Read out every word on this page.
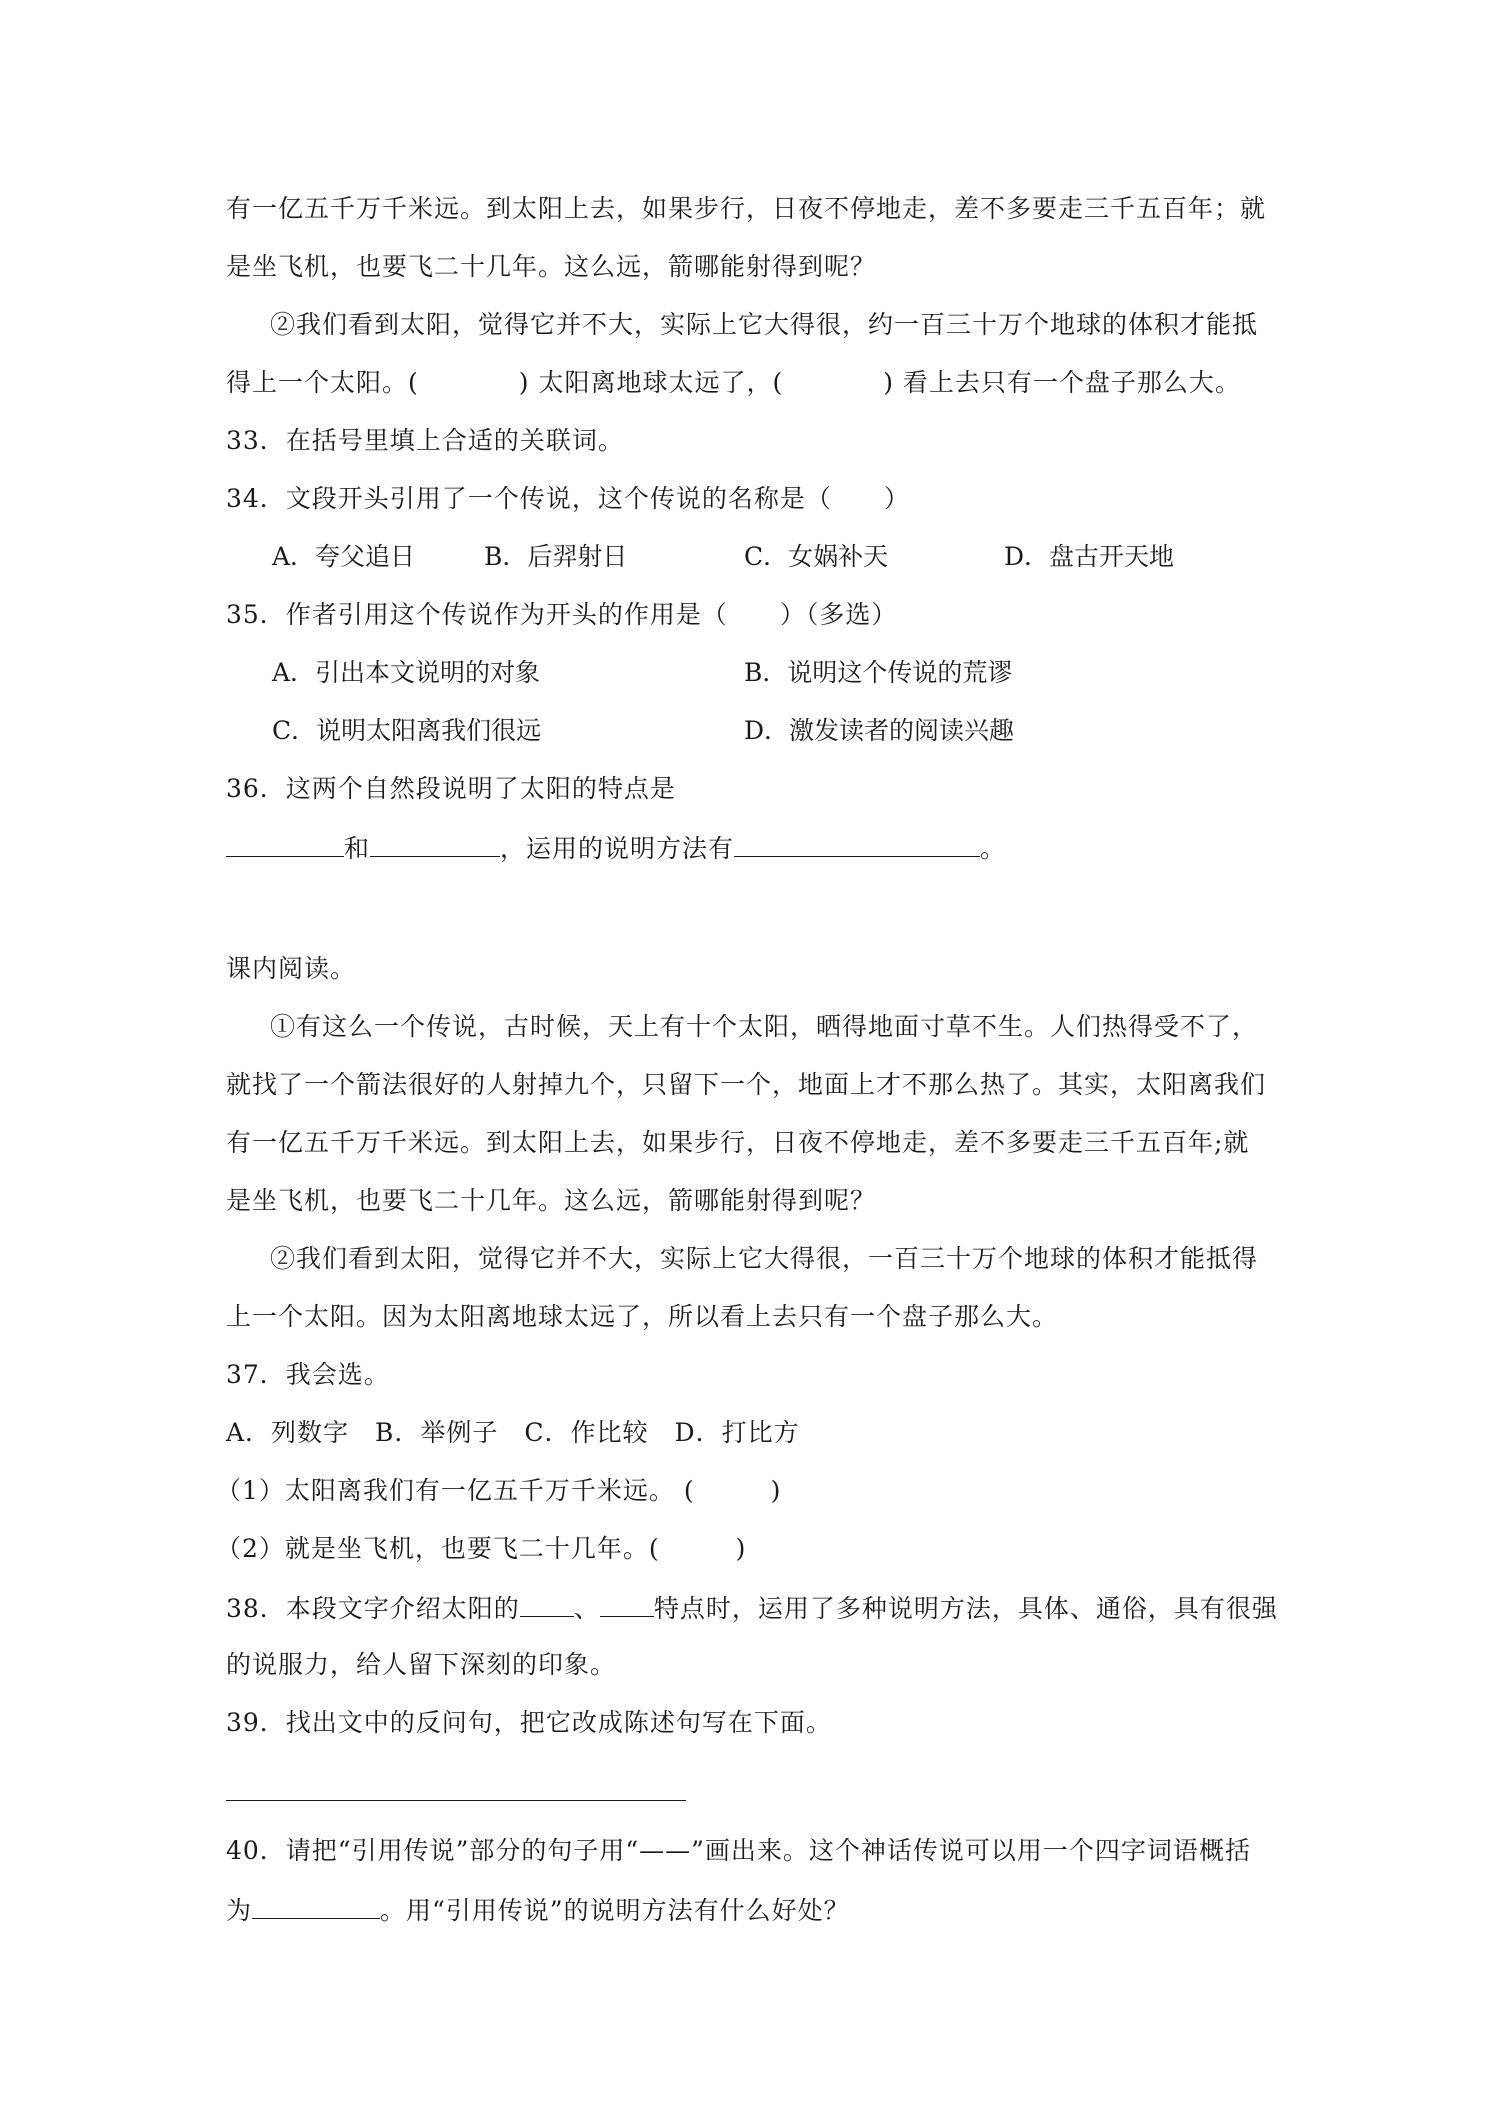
有一亿五千万千米远。到太阳上去，如果步行，日夜不停地走，差不多要走三千五百年；就
是坐飞机，也要飞二十几年。这么远，箭哪能射得到呢？
②我们看到太阳，觉得它并不大，实际上它大得很，约一百三十万个地球的体积才能抵
得上一个太阳。(	) 太阳离地球太远了，(	) 看上去只有一个盘子那么大。
33．在括号里填上合适的关联词。
34．文段开头引用了一个传说，这个传说的名称是（　　）
A．夸父追日	B．后羿射日	C．女娲补天	D．盘古开天地
35．作者引用这个传说作为开头的作用是（　　）（多选）
A．引出本文说明的对象	B．说明这个传说的荒谬
C．说明太阳离我们很远	D．激发读者的阅读兴趣
36．这两个自然段说明了太阳的特点是
和	，运用的说明方法有	。
课内阅读。
①有这么一个传说，古时候，天上有十个太阳，晒得地面寸草不生。人们热得受不了，
就找了一个箭法很好的人射掉九个，只留下一个，地面上才不那么热了。其实，太阳离我们
有一亿五千万千米远。到太阳上去，如果步行，日夜不停地走，差不多要走三千五百年;就
是坐飞机，也要飞二十几年。这么远，箭哪能射得到呢？
②我们看到太阳，觉得它并不大，实际上它大得很，一百三十万个地球的体积才能抵得
上一个太阳。因为太阳离地球太远了，所以看上去只有一个盘子那么大。
37．我会选。
A．列数字　B．举例子　C．作比较　D．打比方
（1）太阳离我们有一亿五千万千米远。 (	)
（2）就是坐飞机，也要飞二十几年。(	)
38．本段文字介绍太阳的 、 特点时，运用了多种说明方法，具体、通俗，具有很强
的说服力，给人留下深刻的印象。
39．找出文中的反问句，把它改成陈述句写在下面。
40．请把“引用传说”部分的句子用“——”画出来。这个神话传说可以用一个四字词语概括
为	。用“引用传说”的说明方法有什么好处？
